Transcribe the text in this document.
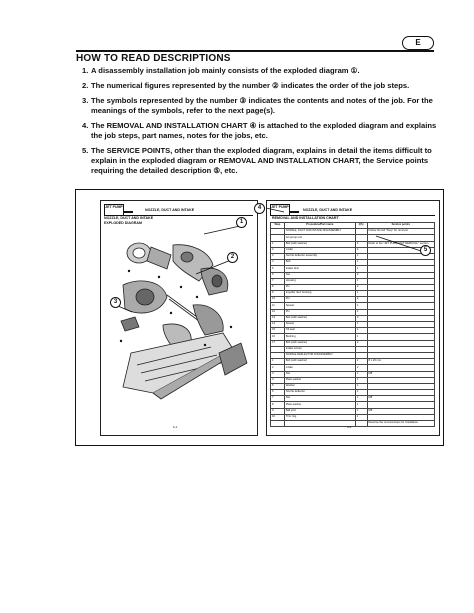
E
HOW TO READ DESCRIPTIONS
1. A disassembly installation job mainly consists of the exploded diagram ①.
2. The numerical figures represented by the number ② indicates the order of the job steps.
3. The symbols represented by the number ③ indicates the contents and notes of the job. For the meanings of the symbols, refer to the next page(s).
4. The REMOVAL AND INSTALLATION CHART ④ is attached to the exploded diagram and explains the job steps, part names, notes for the jobs, etc.
5. The SERVICE POINTS, other than the exploded diagram, explains in detail the items difficult to explain in the exploded diagram or REMOVAL AND INSTALLATION CHART, the Service points requiring the detailed description ⑤, etc.
JET PUMP
NOZZLE, DUCT AND INTAKE
NOZZLE, DUCT AND INTAKE
EXPLODED DIAGRAM
6-1
JET PUMP
NOZZLE, DUCT AND INTAKE
REMOVAL AND INSTALLATION CHART
Step	Procedure/Part name	Q'ty	Service points
	NOZZLE, DUCT AND INTAKE DISASSEMBLY		Follow the left "Step" for removal.
	Jet pump unit		
1	Bolt (with washer)	4	Refer to the "JET PUMP UNIT REMOVAL" section.
2	Collar	4	
3	Nozzle deflector assembly	1	
4	Bolt	1	
5	Intake duct	1	
6	Nut	2	
7	Housing	1	
8	Pin	2	
9	Impeller duct housing	1	
10	Pin	2	
11	Spacer	1	
12	Pin	1	
13	Bolt (with washer)	3	
14	Spacer	1	
15	Oil seal	1	
16	Bushing	1	
17	Bolt (with washer)	2	
	Intake screen		
	NOZZLE DEFLECTOR DISASSEMBLY		
1	Bolt (with washer)	2	8 x 20 mm
2	Collar	2	
3	Nut	1	M8
4	Plate washer	1	
5	Washer	1	
6	Nozzle deflector	1	
7	Nut	1	M8
8	Plate washer	1	
9	Ball joint	1	M8
10	Trim ring	1	
			Reverse the removal steps for installation.
6-4
1
2
3
4
5
